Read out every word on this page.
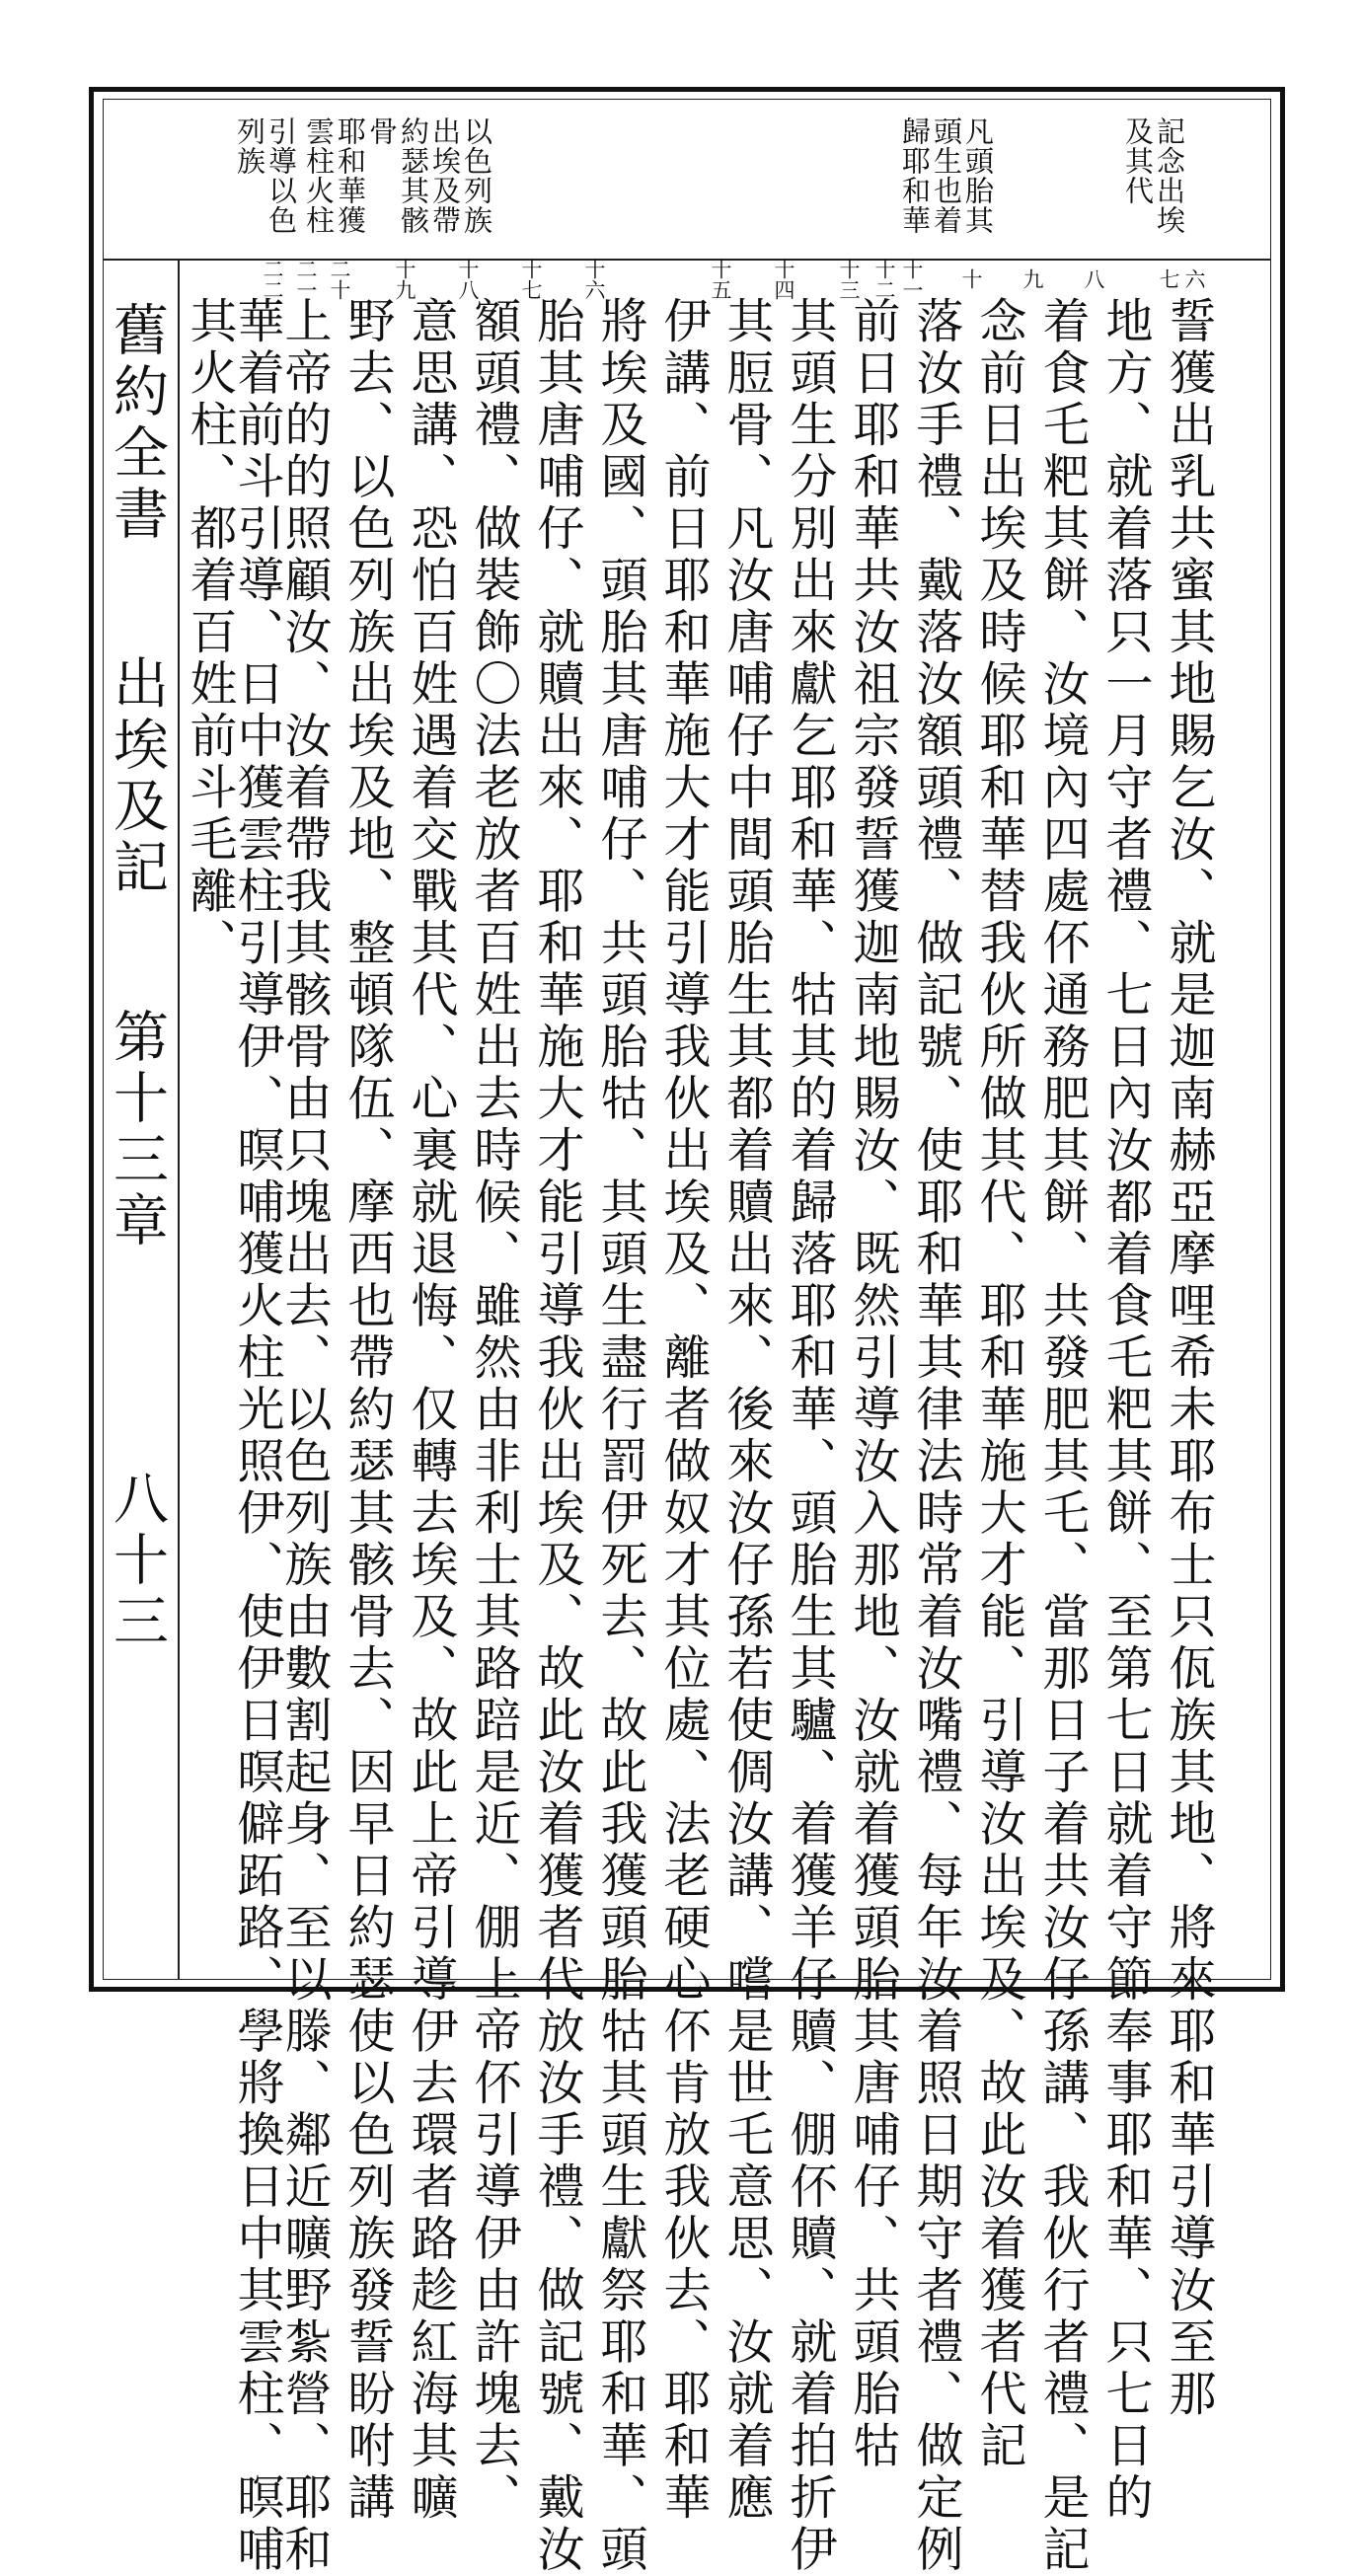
記念出埃
及其代
凡頭胎其
頭生也着
歸耶和華
以色列族
出埃及帶
約瑟其骸
骨
耶和華獲
雲柱火柱
引導以色
列族
六
七
八
九
十
十一
十二
十三
十四
十五
十六
十七
十八
十九
二十
二一
二二
誓獲出乳共蜜其地賜乞汝、就是迦南赫亞摩哩希未耶布士只佤族其地、將來耶和華引導汝至那
地方、就着落只一月守者禮、七日內汝都着食乇粑其餅、至第七日就着守節奉事耶和華、只七日的
着食乇粑其餅、汝境內四處伓通務肥其餅、共發肥其乇、當那日子着共汝仔孫講、我伙行者禮、是記
念前日出埃及時候耶和華替我伙所做其代、耶和華施大才能、引導汝出埃及、故此汝着獲者代記
落汝手禮、戴落汝額頭禮、做記號、使耶和華其律法時常着汝嘴禮、每年汝着照日期守者禮、做定例
前日耶和華共汝祖宗發誓獲迦南地賜汝、既然引導汝入那地、汝就着獲頭胎其唐哺仔、共頭胎牯
其頭生分別出來獻乞耶和華、牯其的着歸落耶和華、頭胎生其驢、着獲羊仔贖、倗伓贖、就着拍折伊
其脰骨、凡汝唐哺仔中間頭胎生其都着贖出來、後來汝仔孫若使倜汝講、嚐是世乇意思、汝就着應
伊講、前日耶和華施大才能引導我伙出埃及、離者做奴才其位處、法老硬心伓肯放我伙去、耶和華
將埃及國、頭胎其唐哺仔、共頭胎牯、其頭生盡行罰伊死去、故此我獲頭胎牯其頭生獻祭耶和華、頭
胎其唐哺仔、就贖出來、耶和華施大才能引導我伙出埃及、故此汝着獲者代放汝手禮、做記號、戴汝
額頭禮、做裝飾〇法老放者百姓出去時候、雖然由非利士其路踣是近、倗上帝伓引導伊由許塊去、
意思講、恐怕百姓遇着交戰其代、心裏就退悔、仅轉去埃及、故此上帝引導伊去環者路趁紅海其曠
野去、以色列族出埃及地、整頓隊伍、摩西也帶約瑟其骸骨去、因早日約瑟使以色列族發誓盼咐講
上帝的的照顧汝、汝着帶我其骸骨由只塊出去、以色列族由數割起身、至以滕、鄰近曠野紮營、耶和
華着前斗引導、日中獲雲柱引導伊、暝哺獲火柱光照伊、使伊日暝僻跖路、學將換日中其雲柱、暝哺
其火柱、都着百姓前斗毛離、
舊約全書出埃及記第十三章八十三
